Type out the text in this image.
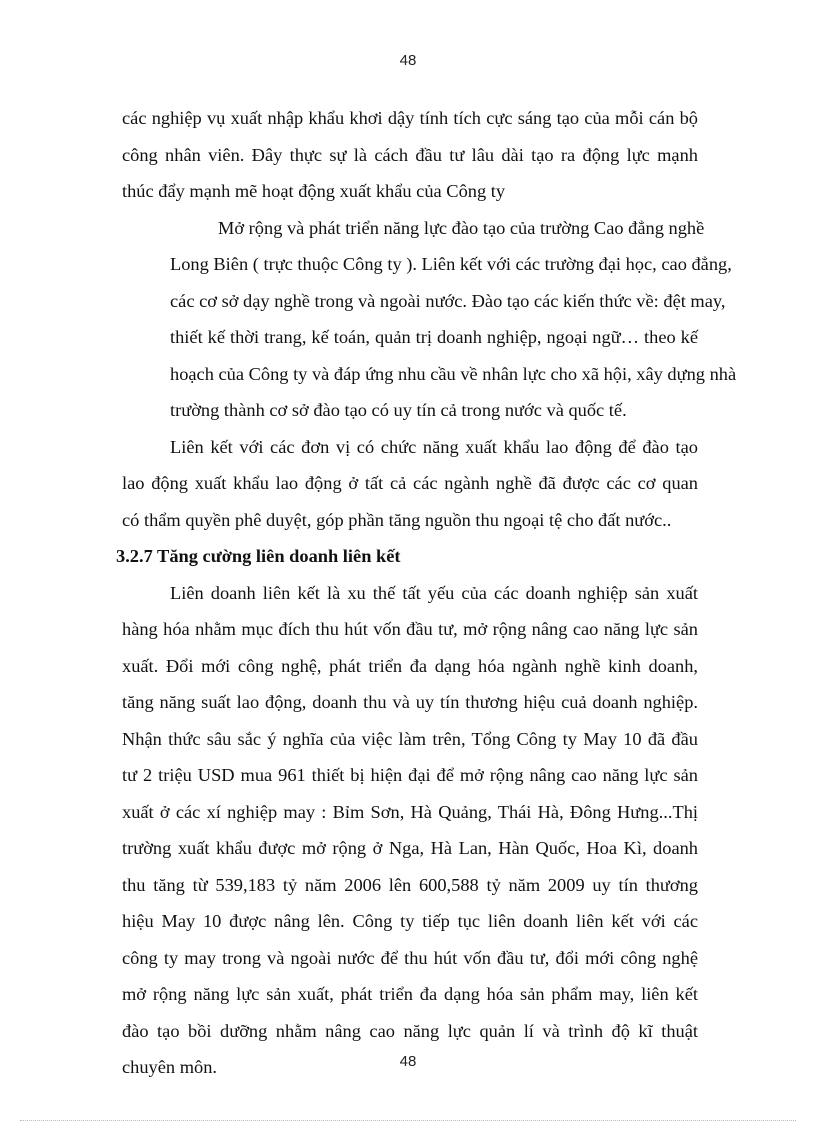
48

các nghiệp vụ xuất nhập khẩu khơi dậy tính tích cực sáng tạo của mỗi cán bộ
công nhân viên. Đây thực sự là cách đầu tư lâu dài tạo ra động lực mạnh
thúc đẩy mạnh mẽ hoạt động xuất khẩu của Công ty

Mở rộng và phát triển năng lực đào tạo của trường Cao đẳng nghề
Long Biên ( trực thuộc Công ty ). Liên kết với các trường đại học, cao đẳng,
các cơ sở dạy nghề trong và ngoài nước. Đào tạo các kiến thức về: đệt may,
thiết kế thời trang, kế toán, quản trị doanh nghiệp, ngoại ngữ… theo kế
hoạch của Công ty và đáp ứng nhu cầu về nhân lực cho xã hội, xây dựng nhà
trường thành cơ sở đào tạo có uy tín cả trong nước và quốc tế.

Liên kết với các đơn vị có chức năng xuất khẩu lao động để đào tạo
lao động xuất khẩu lao động ở tất cả các ngành nghề đã được các cơ quan
có thẩm quyền phê duyệt, góp phần tăng nguồn thu ngoại tệ cho đất nước..

3.2.7 Tăng cường liên doanh liên kết

Liên doanh liên kết là xu thế tất yếu của các doanh nghiệp sản xuất
hàng hóa nhằm mục đích thu hút vốn đầu tư, mở rộng nâng cao năng lực sản
xuất. Đổi mới công nghệ, phát triển đa dạng hóa ngành nghề kinh doanh,
tăng năng suất lao động, doanh thu và uy tín thương hiệu cuả doanh nghiệp.
Nhận thức sâu sắc ý nghĩa của việc làm trên, Tổng Công ty May 10 đã đầu
tư 2 triệu USD mua 961 thiết bị hiện đại để mở rộng nâng cao năng lực sản
xuất ở các xí nghiệp may : Bỉm Sơn, Hà Quảng, Thái Hà, Đông Hưng...Thị
trường xuất khẩu được mở rộng ở Nga, Hà Lan, Hàn Quốc, Hoa Kì, doanh
thu tăng từ 539,183 tỷ năm 2006 lên 600,588 tỷ năm 2009 uy tín thương
hiệu May 10 được nâng lên. Công ty tiếp tục liên doanh liên kết với các
công ty may trong và ngoài nước để thu hút vốn đầu tư, đổi mới công nghệ
mở rộng năng lực sản xuất, phát triển đa dạng hóa sản phẩm may, liên kết
đào tạo bồi dưỡng nhằm nâng cao năng lực quản lí và trình độ kĩ thuật
chuyên môn.	48
